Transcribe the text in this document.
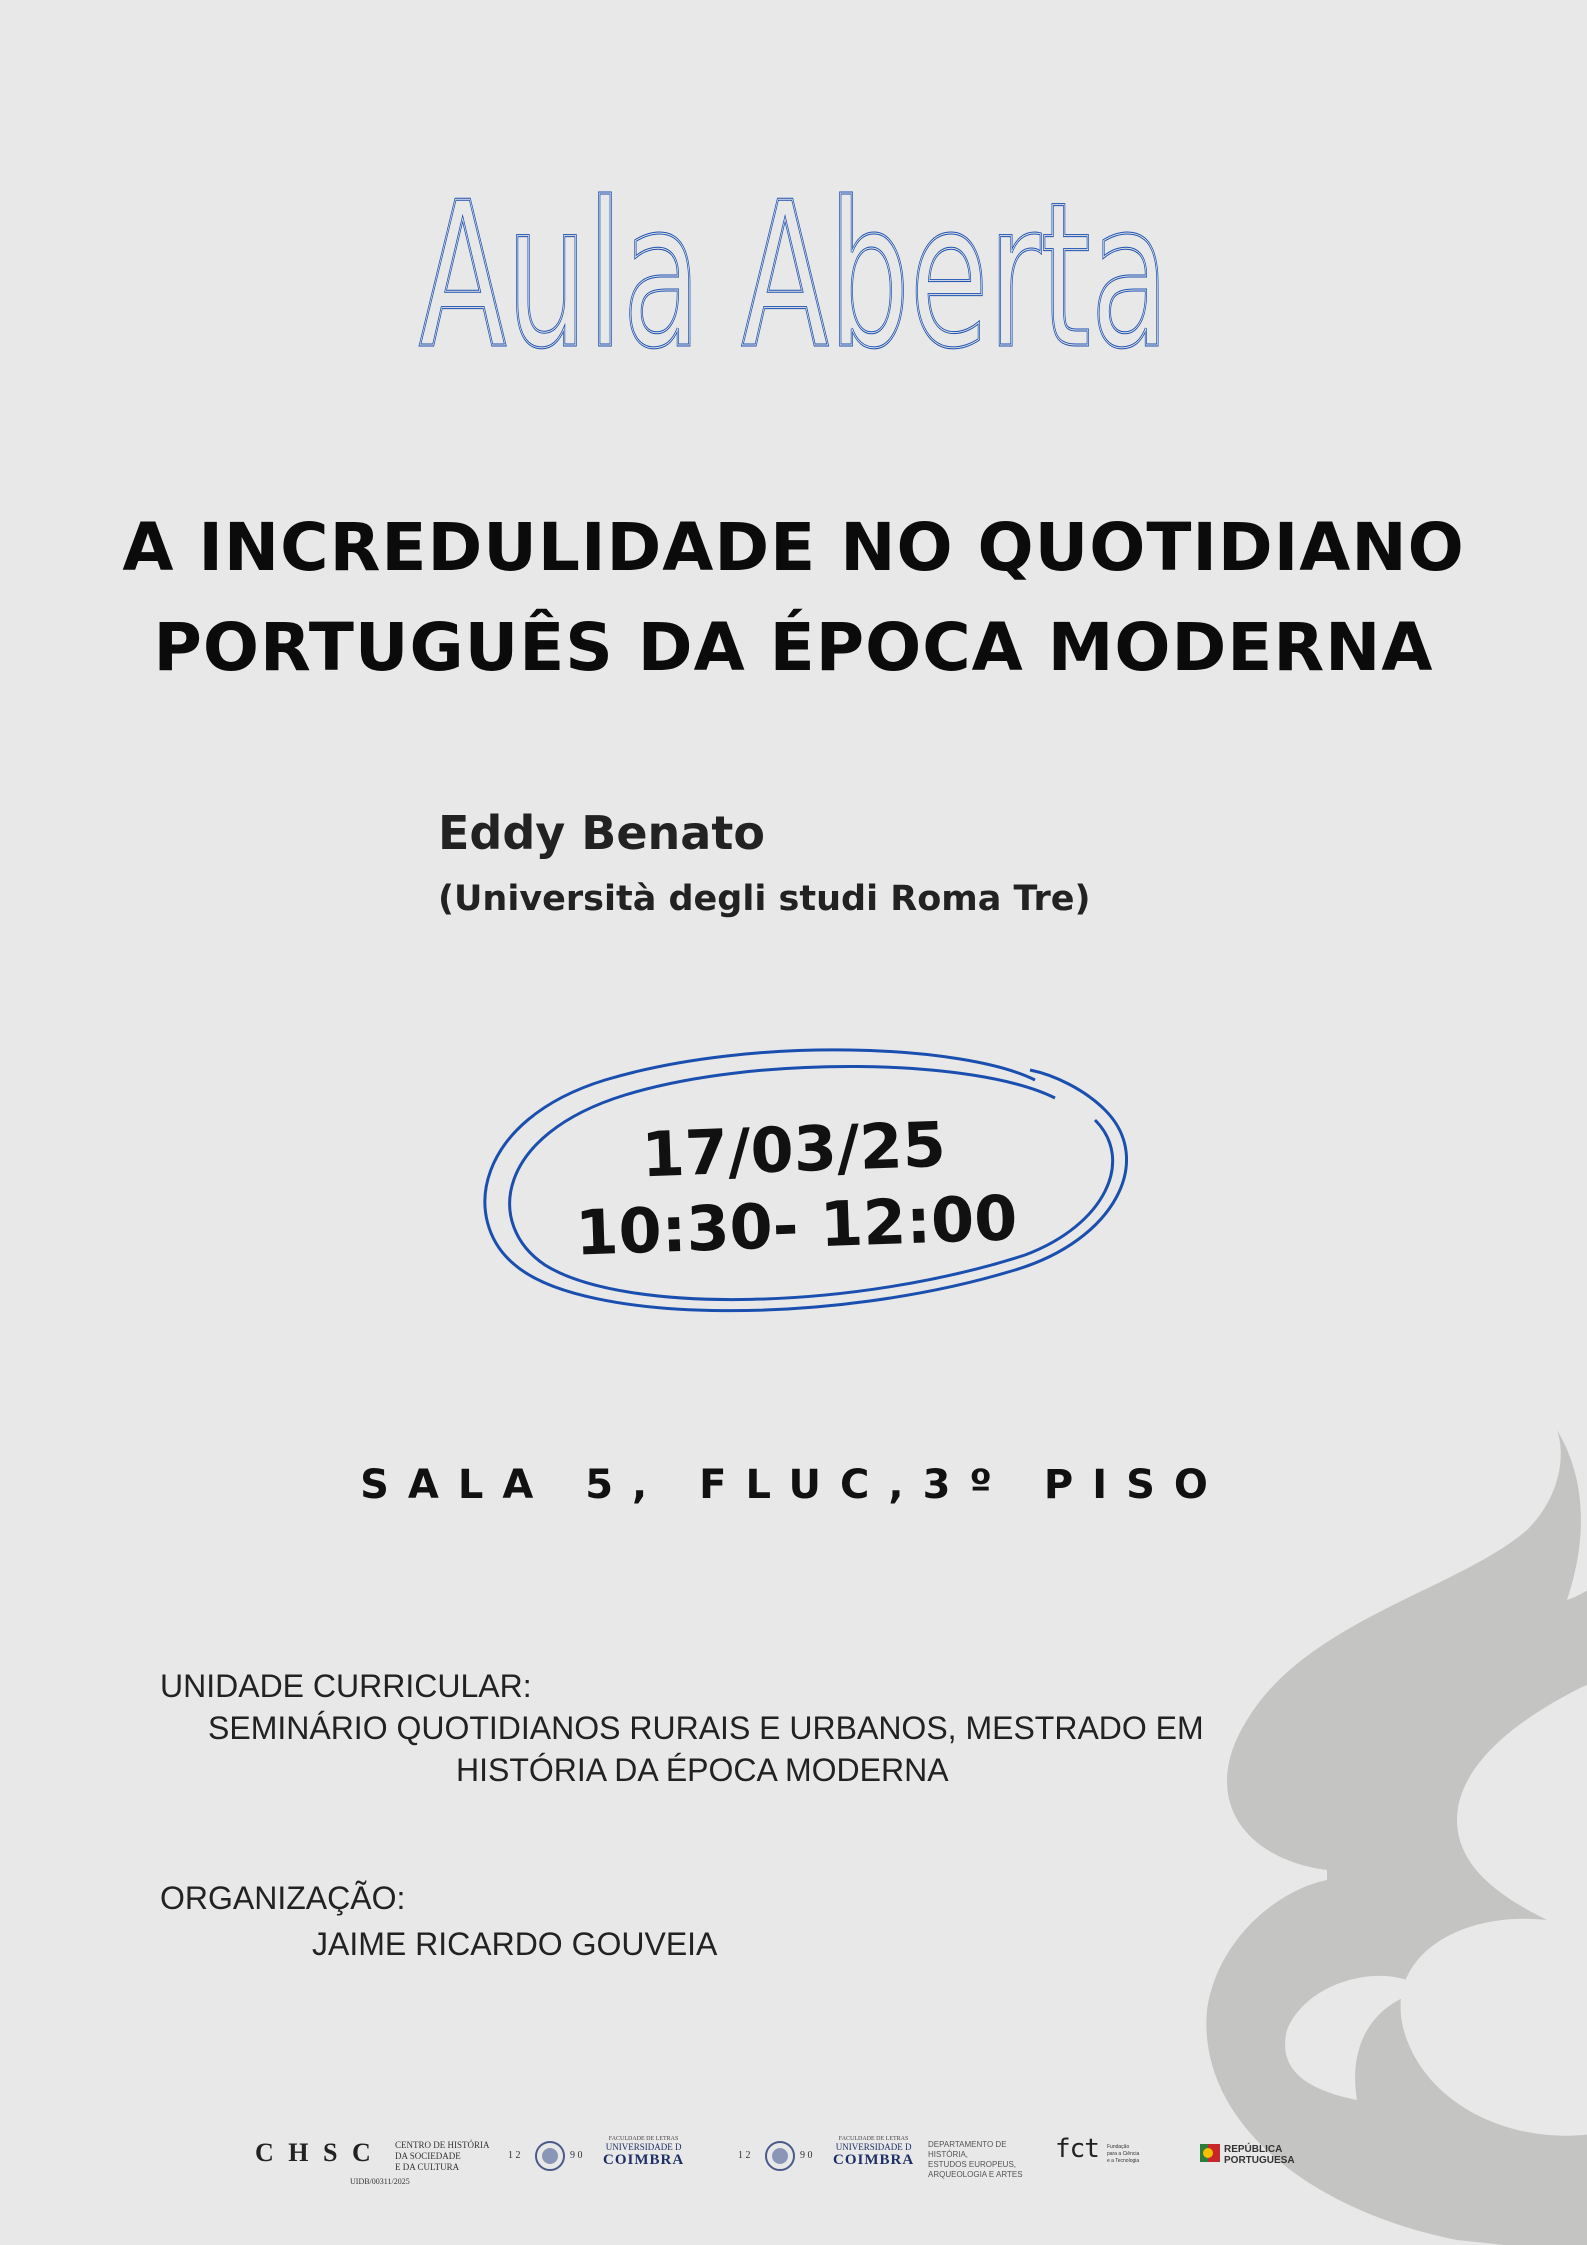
Aula Aberta
Aula Aberta
A INCREDULIDADE NO QUOTIDIANO
PORTUGUÊS DA ÉPOCA MODERNA
Eddy Benato
(Università degli studi Roma Tre)
17/03/25
10:30- 12:00
SALA 5, FLUC,3º PISO
UNIDADE CURRICULAR:
SEMINÁRIO QUOTIDIANOS RURAIS E URBANOS, MESTRADO EM
HISTÓRIA DA ÉPOCA MODERNA
ORGANIZAÇÃO:
JAIME RICARDO GOUVEIA
C H S C CENTRO DE HISTÓRIA
DA SOCIEDADE
E DA CULTURA
UIDB/00311/2025
1 2	9 0
FACULDADE DE LETRAS
UNIVERSIDADE D
COIMBRA	1 2	9 0
FACULDADE DE LETRAS
UNIVERSIDADE D
COIMBRA
DEPARTAMENTO DE HISTÓRIA,
ESTUDOS EUROPEUS,
ARQUEOLOGIA E ARTES
fct Fundação
para a Ciência
e a Tecnologia
REPÚBLICA
PORTUGUESA
